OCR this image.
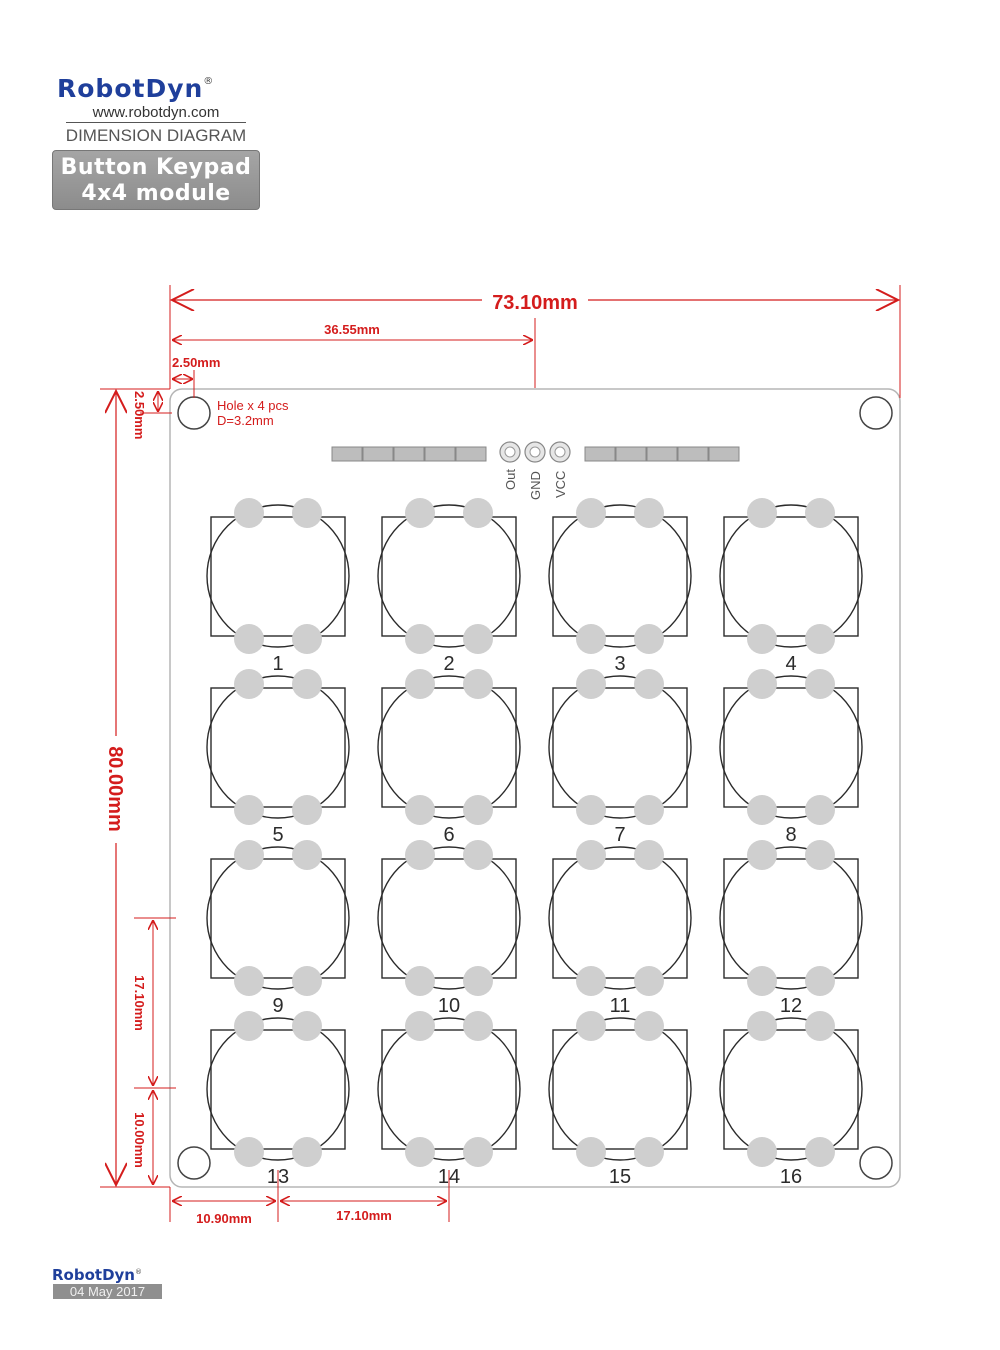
RobotDyn®
www.robotdyn.com
DIMENSION DIAGRAM
Button Keypad
4x4 module
Hole x 4 pcs
D=3.2mm
Out GND VCC
1	2	3	4
5	6	7	8
9	10	11	12
13	14	15	16
73.10mm
36.55mm
2.50mm
80.00mm
2.50mm
17.10mm
10.00mm
10.90mm	17.10mm
RobotDyn®
04 May 2017
